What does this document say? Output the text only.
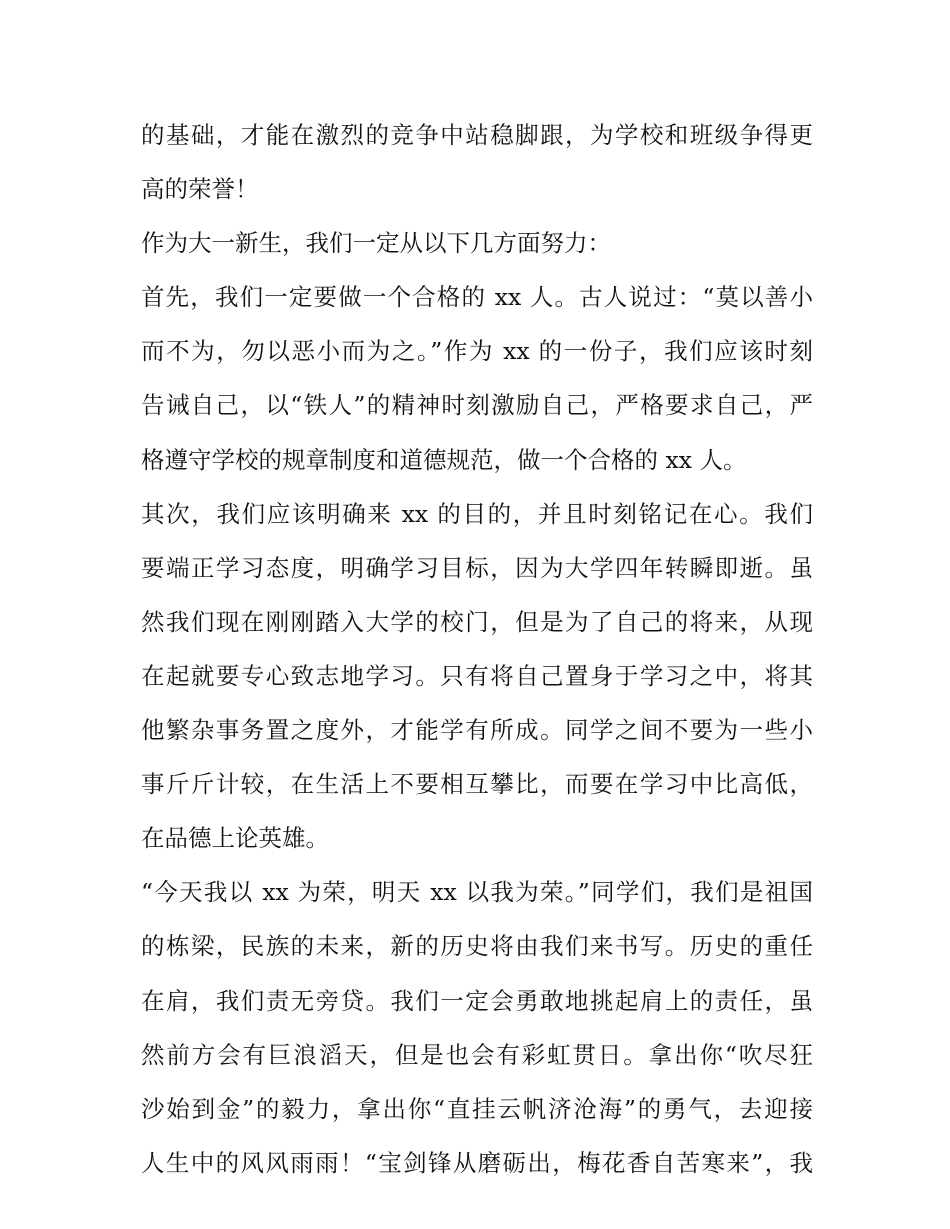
的基础，才能在激烈的竞争中站稳脚跟，为学校和班级争得更
高的荣誉！
作为大一新生，我们一定从以下几方面努力：
首先，我们一定要做一个合格的 xx 人。古人说过：“莫以善小
而不为，勿以恶小而为之。”作为 xx 的一份子，我们应该时刻
告诫自己，以“铁人”的精神时刻激励自己，严格要求自己，严
格遵守学校的规章制度和道德规范，做一个合格的 xx 人。
其次，我们应该明确来 xx 的目的，并且时刻铭记在心。我们
要端正学习态度，明确学习目标，因为大学四年转瞬即逝。虽
然我们现在刚刚踏入大学的校门，但是为了自己的将来，从现
在起就要专心致志地学习。只有将自己置身于学习之中，将其
他繁杂事务置之度外，才能学有所成。同学之间不要为一些小
事斤斤计较，在生活上不要相互攀比，而要在学习中比高低，
在品德上论英雄。
“今天我以 xx 为荣，明天 xx 以我为荣。”同学们，我们是祖国
的栋梁，民族的未来，新的历史将由我们来书写。历史的重任
在肩，我们责无旁贷。我们一定会勇敢地挑起肩上的责任，虽
然前方会有巨浪滔天，但是也会有彩虹贯日。拿出你“吹尽狂
沙始到金”的毅力，拿出你“直挂云帆济沧海”的勇气，去迎接
人生中的风风雨雨！“宝剑锋从磨砺出，梅花香自苦寒来”，我
